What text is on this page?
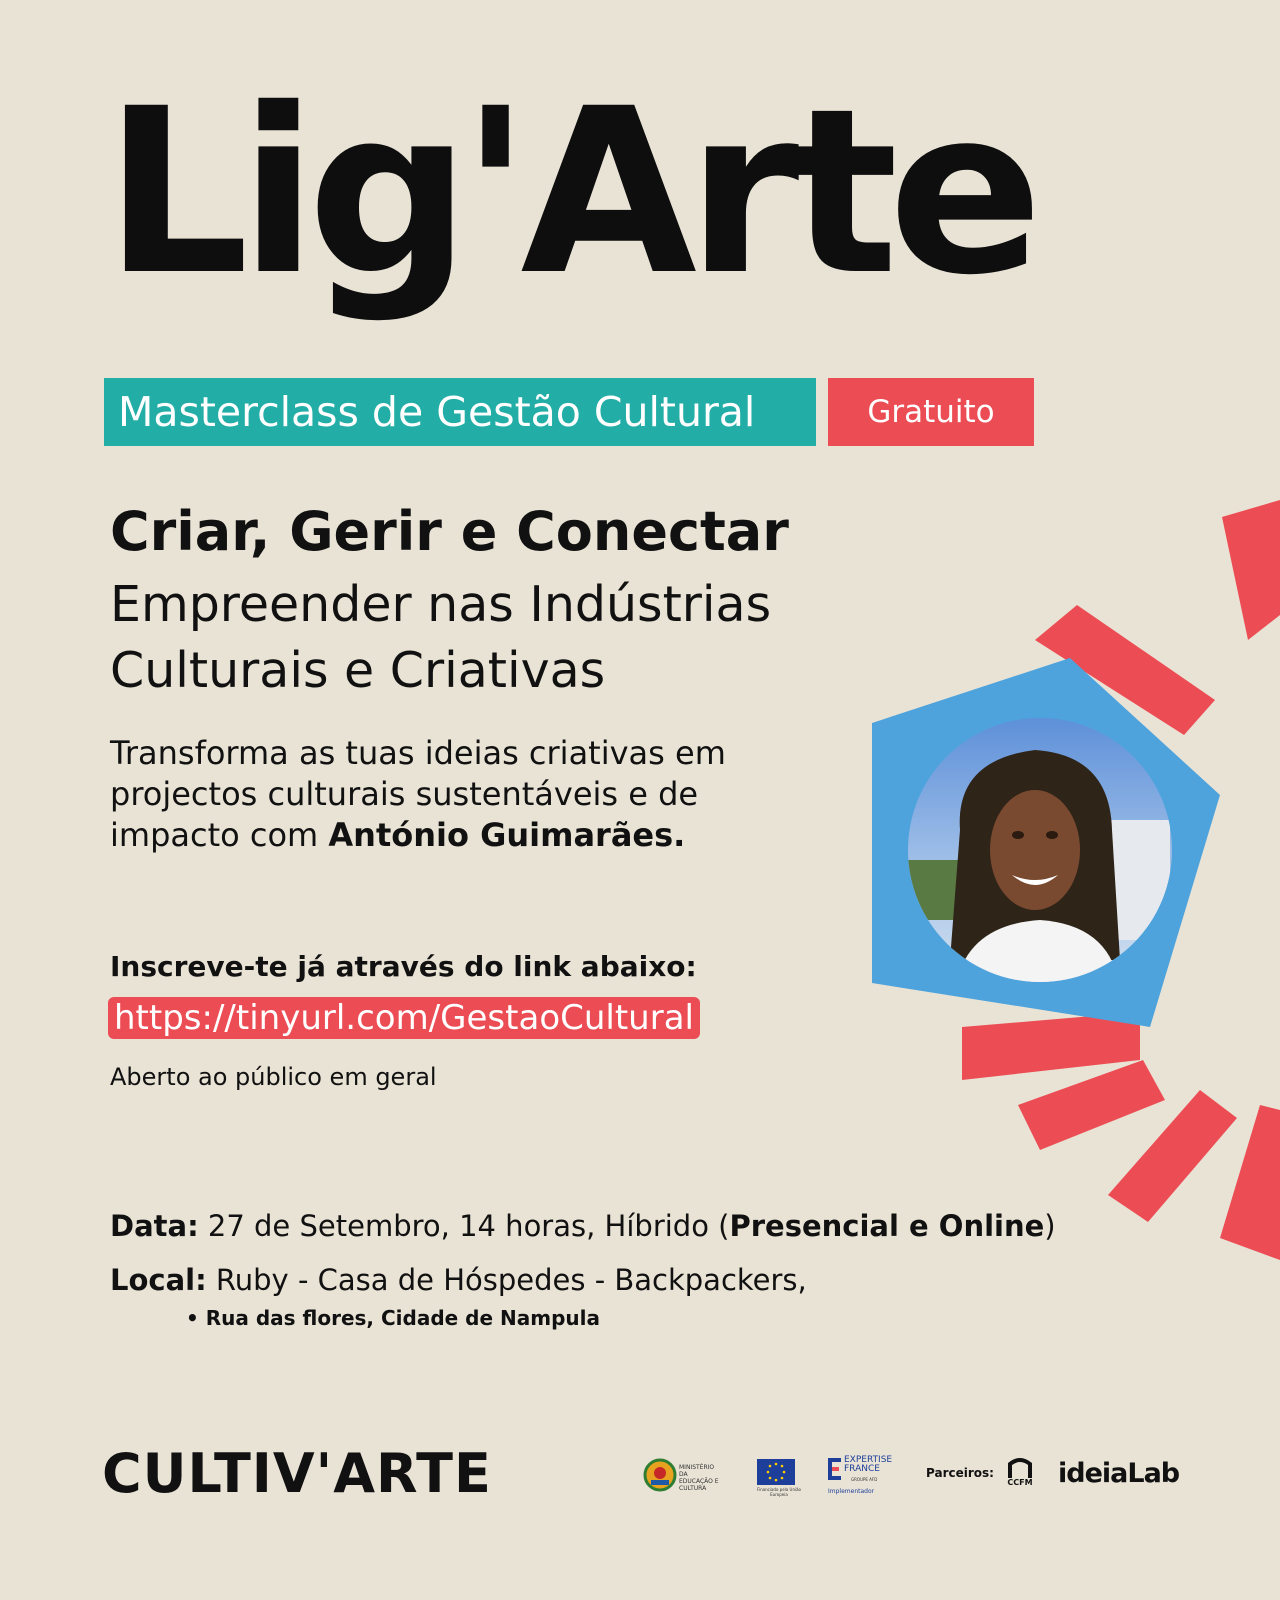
Lig'Arte
Masterclass de Gestão Cultural	Gratuito
Criar, Gerir e Conectar
Empreender nas Indústrias
Culturais e Criativas
Transforma as tuas ideias criativas em projectos culturais sustentáveis e de impacto com António Guimarães.
Inscreve-te já através do link abaixo:
https://tinyurl.com/GestaoCultural
Aberto ao público em geral
Data: 27 de Setembro, 14 horas, Híbrido (Presencial e Online)
Local: Ruby - Casa de Hóspedes - Backpackers,
• Rua das flores, Cidade de Nampula
CULTIV'ARTE	MINISTÉRIO DA EDUCAÇÃO E CULTURA	Financiado pela União Europeia
EXPERTISE FRANCE
GROUPE AFD
Implementador
Parceiros:
CCFM ideiaLab
